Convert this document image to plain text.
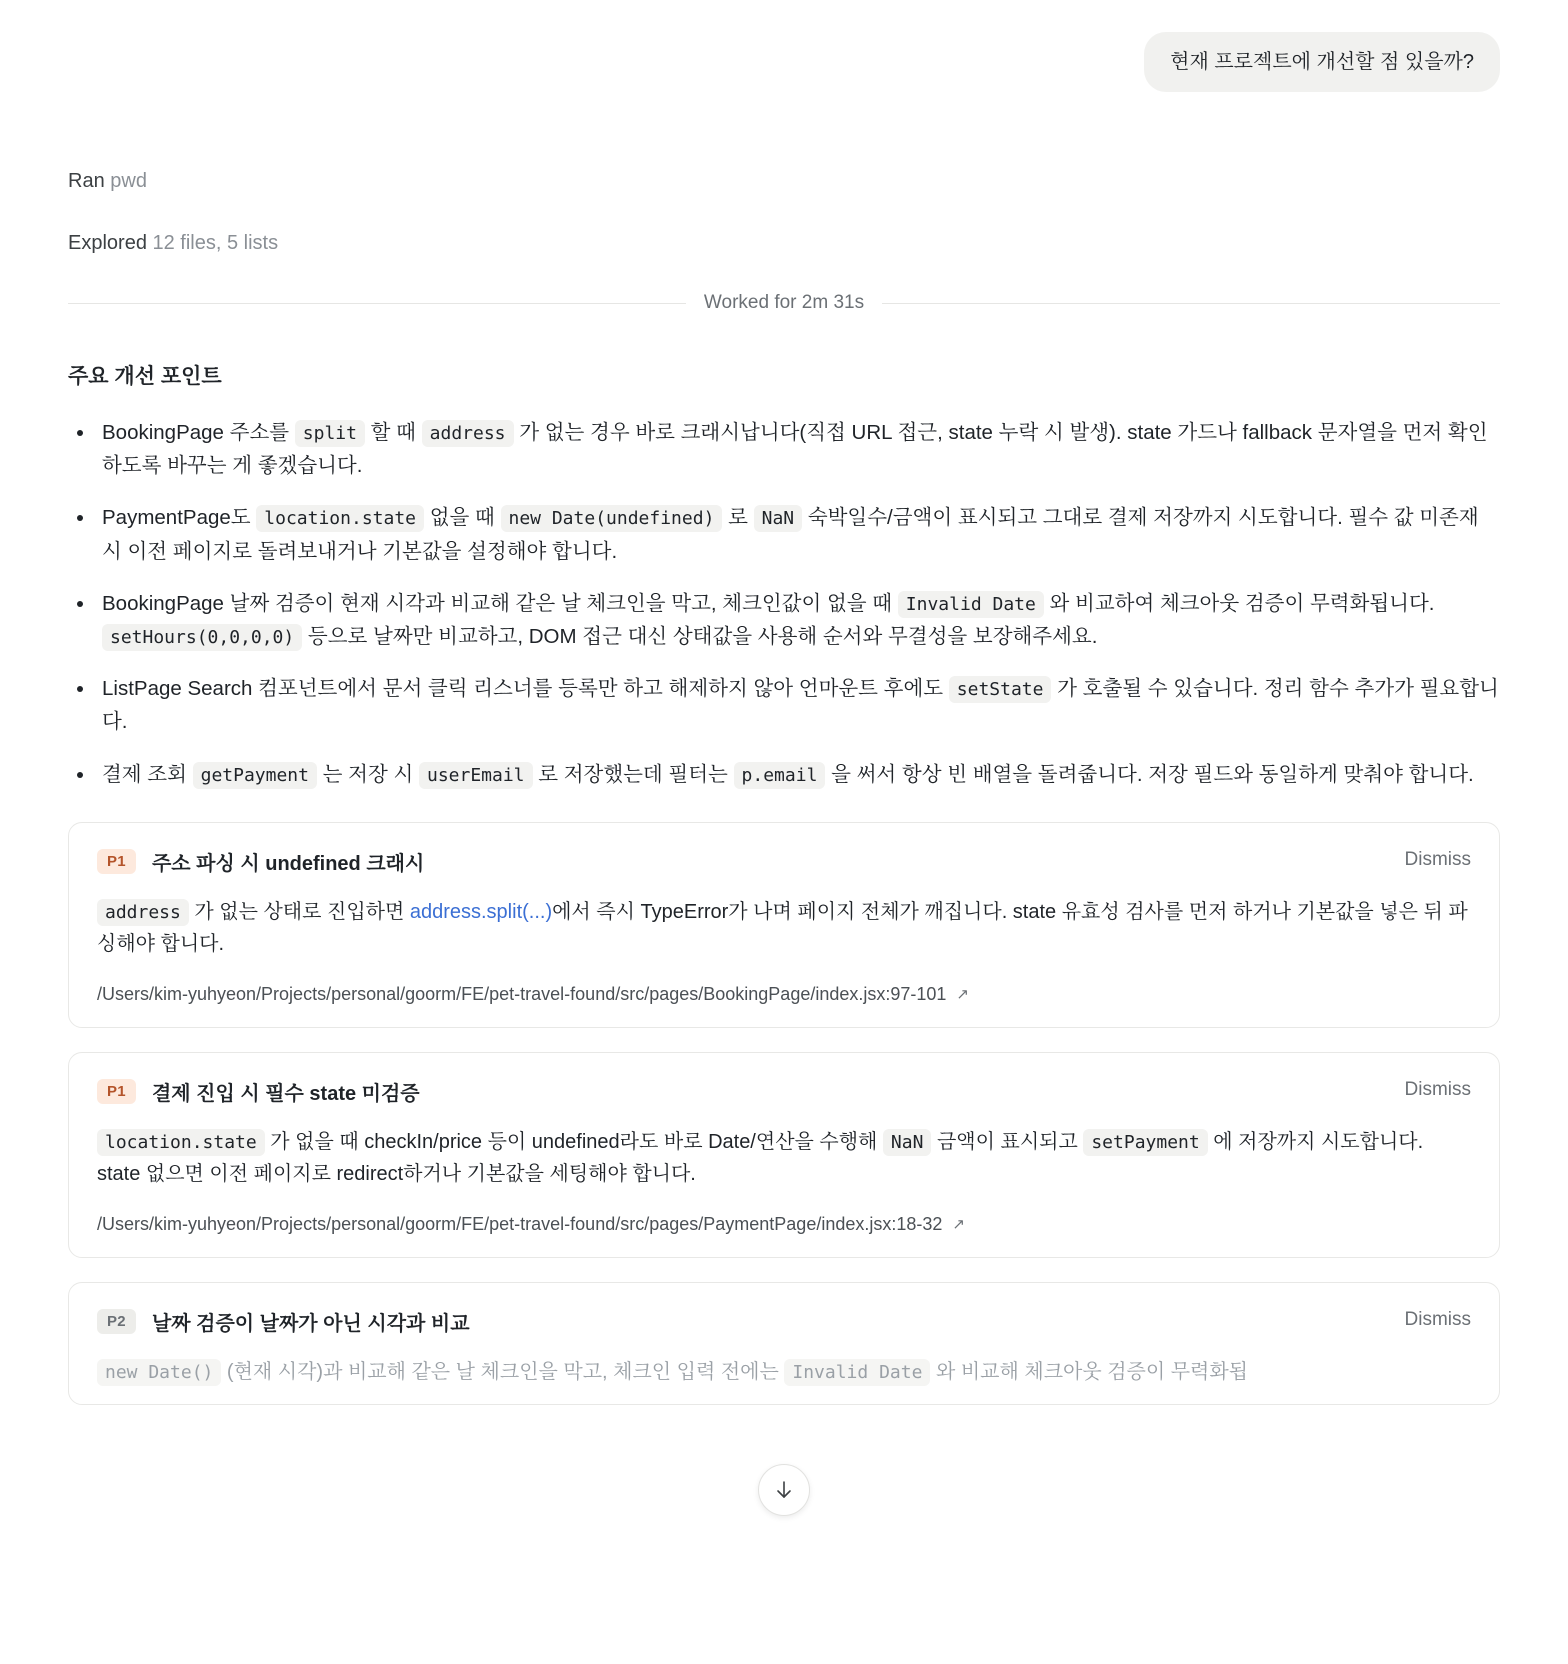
현재 프로젝트에 개선할 점 있을까?
Ran pwd
Explored 12 files, 5 lists
Worked for 2m 31s
주요 개선 포인트
• BookingPage 주소를 split 할 때 address 가 없는 경우 바로 크래시납니다(직접 URL 접근, state 누락 시 발생). state 가드나 fallback 문자열을 먼저 확인하도록 바꾸는 게 좋겠습니다.
• PaymentPage도 location.state 없을 때 new Date(undefined) 로 NaN 숙박일수/금액이 표시되고 그대로 결제 저장까지 시도합니다. 필수 값 미존재 시 이전 페이지로 돌려보내거나 기본값을 설정해야 합니다.
• BookingPage 날짜 검증이 현재 시각과 비교해 같은 날 체크인을 막고, 체크인값이 없을 때 Invalid Date 와 비교하여 체크아웃 검증이 무력화됩니다. setHours(0,0,0,0) 등으로 날짜만 비교하고, DOM 접근 대신 상태값을 사용해 순서와 무결성을 보장해주세요.
• ListPage Search 컴포넌트에서 문서 클릭 리스너를 등록만 하고 해제하지 않아 언마운트 후에도 setState 가 호출될 수 있습니다. 정리 함수 추가가 필요합니다.
• 결제 조회 getPayment 는 저장 시 userEmail 로 저장했는데 필터는 p.email 을 써서 항상 빈 배열을 돌려줍니다. 저장 필드와 동일하게 맞춰야 합니다.
P1	주소 파싱 시 undefined 크래시	Dismiss
address 가 없는 상태로 진입하면 address.split(...)에서 즉시 TypeError가 나며 페이지 전체가 깨집니다. state 유효성 검사를 먼저 하거나 기본값을 넣은 뒤 파싱해야 합니다.
/Users/kim-yuhyeon/Projects/personal/goorm/FE/pet-travel-found/src/pages/BookingPage/index.jsx:97-101 ↗
P1	결제 진입 시 필수 state 미검증	Dismiss
location.state 가 없을 때 checkIn/price 등이 undefined라도 바로 Date/연산을 수행해 NaN 금액이 표시되고 setPayment 에 저장까지 시도합니다. state 없으면 이전 페이지로 redirect하거나 기본값을 세팅해야 합니다.
/Users/kim-yuhyeon/Projects/personal/goorm/FE/pet-travel-found/src/pages/PaymentPage/index.jsx:18-32 ↗
P2	날짜 검증이 날짜가 아닌 시각과 비교	Dismiss
new Date() (현재 시각)과 비교해 같은 날 체크인을 막고, 체크인 입력 전에는 Invalid Date 와 비교해 체크아웃 검증이 무력화됩
